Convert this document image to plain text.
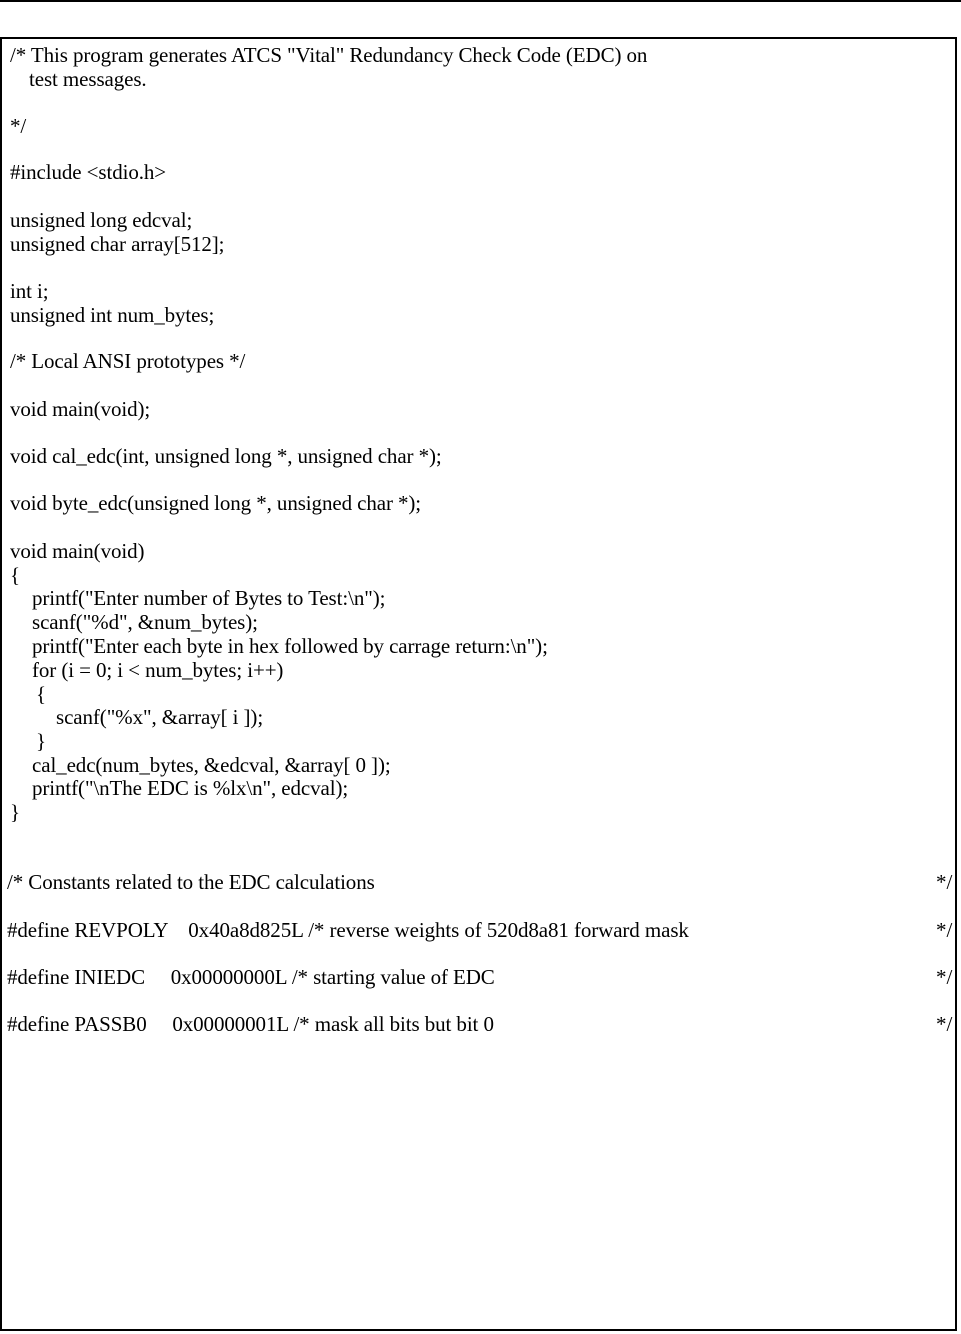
/* This program generates ATCS "Vital" Redundancy Check Code (EDC) on
test messages.
*/
#include <stdio.h>
unsigned long edcval;
unsigned char array[512];
int i;
unsigned int num_bytes;
/* Local ANSI prototypes */
void main(void);
void cal_edc(int, unsigned long *, unsigned char *);
void byte_edc(unsigned long *, unsigned char *);
void main(void)
{
printf("Enter number of Bytes to Test:\n");
scanf("%d", &num_bytes);
printf("Enter each byte in hex followed by carrage return:\n");
for (i = 0; i < num_bytes; i++)
{
scanf("%x", &array[ i ]);
}
cal_edc(num_bytes, &edcval, &array[ 0 ]);
printf("\nThe EDC is %lx\n", edcval);
}
/* Constants related to the EDC calculations	*/
#define REVPOLY    0x40a8d825L /* reverse weights of 520d8a81 forward mask	*/
#define INIEDC     0x00000000L /* starting value of EDC	*/
#define PASSB0     0x00000001L /* mask all bits but bit 0	*/
